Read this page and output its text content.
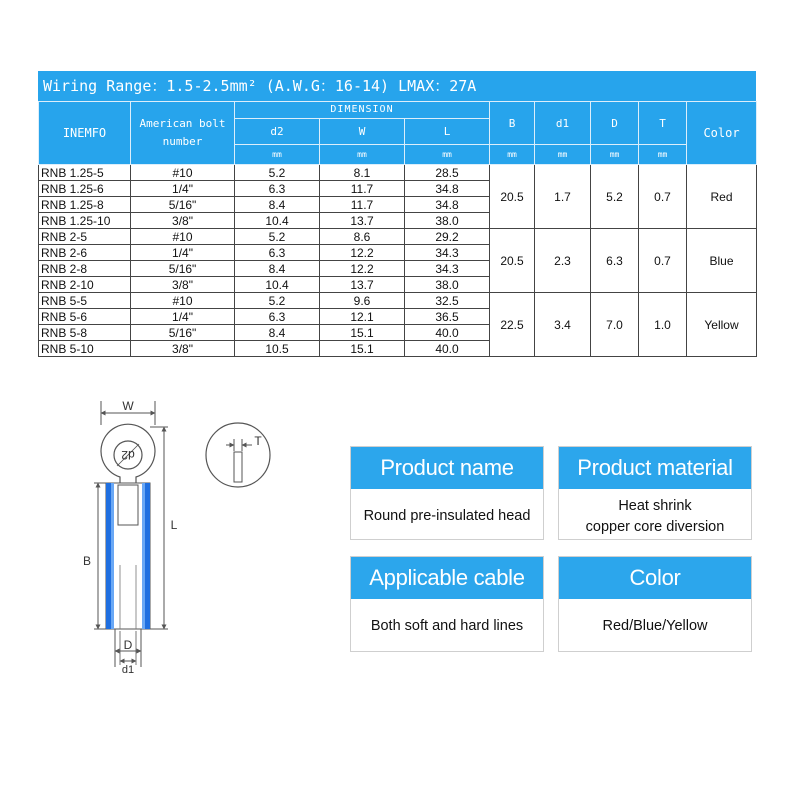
Wiring Range：1.5-2.5mm² (A.W.G：16-14) LMAX：27A
INEMFO	American bolt number	DIMENSION			B	d1	D	T	Color
		d2	W	L					
		mm	mm	mm	mm	mm	mm	mm	
RNB 1.25-5	#10	5.2	8.1	28.5	20.5	1.7	5.2	0.7	Red
RNB 1.25-6	1/4"	6.3	11.7	34.8					
RNB 1.25-8	5/16"	8.4	11.7	34.8					
RNB 1.25-10	3/8"	10.4	13.7	38.0					
RNB 2-5	#10	5.2	8.6	29.2	20.5	2.3	6.3	0.7	Blue
RNB 2-6	1/4"	6.3	12.2	34.3					
RNB 2-8	5/16"	8.4	12.2	34.3					
RNB 2-10	3/8"	10.4	13.7	38.0					
RNB 5-5	#10	5.2	9.6	32.5	22.5	3.4	7.0	1.0	Yellow
RNB 5-6	1/4"	6.3	12.1	36.5					
RNB 5-8	5/16"	8.4	15.1	40.0					
RNB 5-10	3/8"	10.5	15.1	40.0					
W
d2
B
L
D
d1
T
Product name
Round pre-insulated head
Product material
Heat shrink
copper core diversion
Applicable cable
Both soft and hard lines
Color
Red/Blue/Yellow
